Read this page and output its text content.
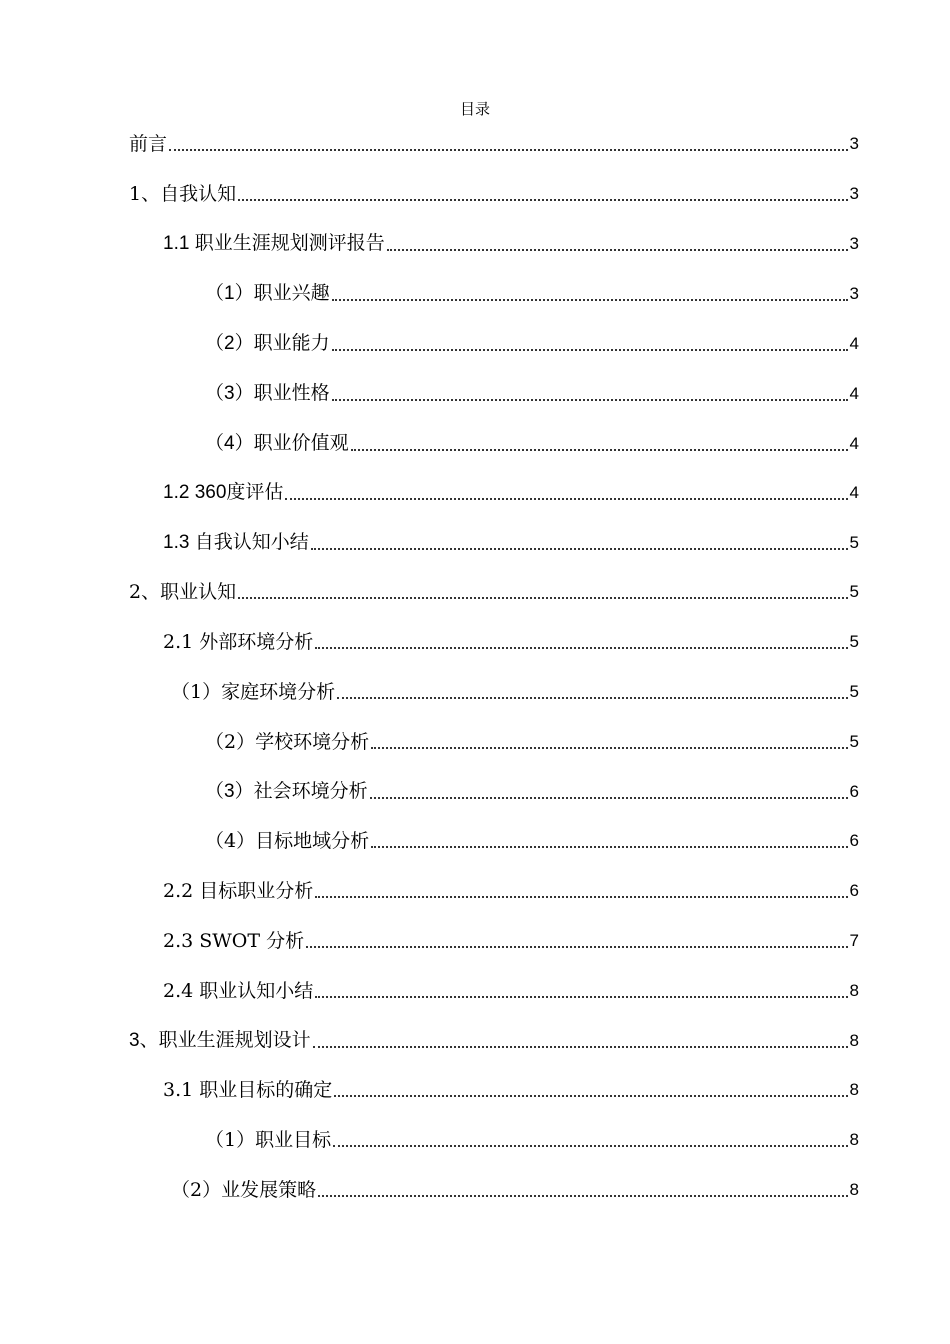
目录
前言	3
1、自我认知	3
1.1 职业生涯规划测评报告	3
（1）职业兴趣	3
（2）职业能力	4
（3）职业性格	4
（4）职业价值观	4
1.2 360度评估	4
1.3 自我认知小结	5
2、职业认知	5
2.1 外部环境分析	5
（1）家庭环境分析	5
（2）学校环境分析	5
（3）社会环境分析	6
（4）目标地域分析	6
2.2 目标职业分析	6
2.3 SWOT 分析	7
2.4 职业认知小结	8
3、职业生涯规划设计	8
3.1 职业目标的确定	8
（1）职业目标	8
（2）业发展策略	8
